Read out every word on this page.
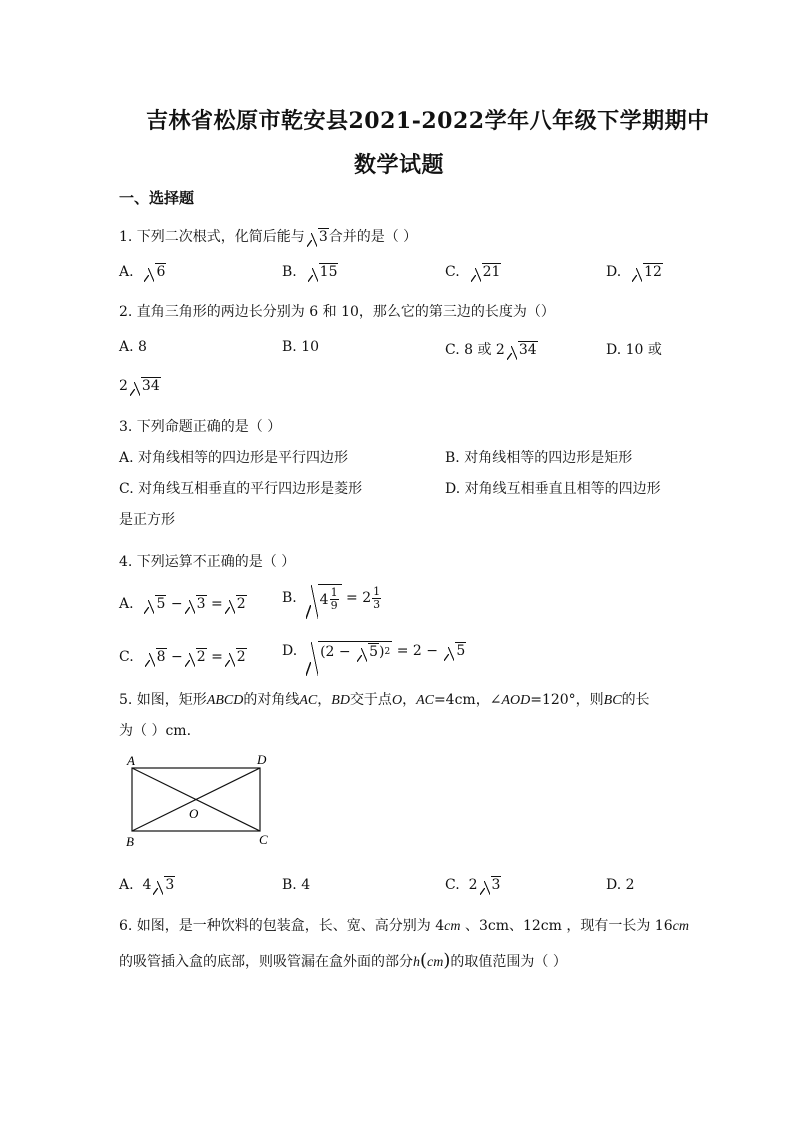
吉林省松原市乾安县2021-2022学年八年级下学期期中
数学试题
一、选择题
1. 下列二次根式，化简后能与 3合并的是（ ）
A. 6	B. 15	C. 21	D. 12
2. 直角三角形的两边长分别为 6 和 10，那么它的第三边的长度为（）
A. 8	B. 10	C. 8 或 2 34	D. 10 或
2 34
3. 下列命题正确的是（ ）
A. 对角线相等的四边形是平行四边形	B. 对角线相等的四边形是矩形
C. 对角线互相垂直的平行四边形是菱形	D. 对角线互相垂直且相等的四边形
是正方形
4. 下列运算不正确的是（ ）
A. 5 − 3 = 2	B.
$4 \frac{1}{9}$
= $2 \frac{1}{3}$
C. 8 − 2 = 2	D.
(2 −
	5 ) 2
= 2 −
	5
5. 如图，矩形ABCD的对角线AC，BD交于点O，AC=4cm，∠AOD=120°，则BC的长
为（ ）cm.
A	D
O
B	C
A. 4 3	B. 4	C. 2 3	D. 2
6. 如图，是一种饮料的包装盒，长、宽、高分别为 4cm 、3cm、12cm ，现有一长为 16cm
的吸管插入盒的底部，则吸管漏在盒外面的部分h(cm)的取值范围为（ ）
